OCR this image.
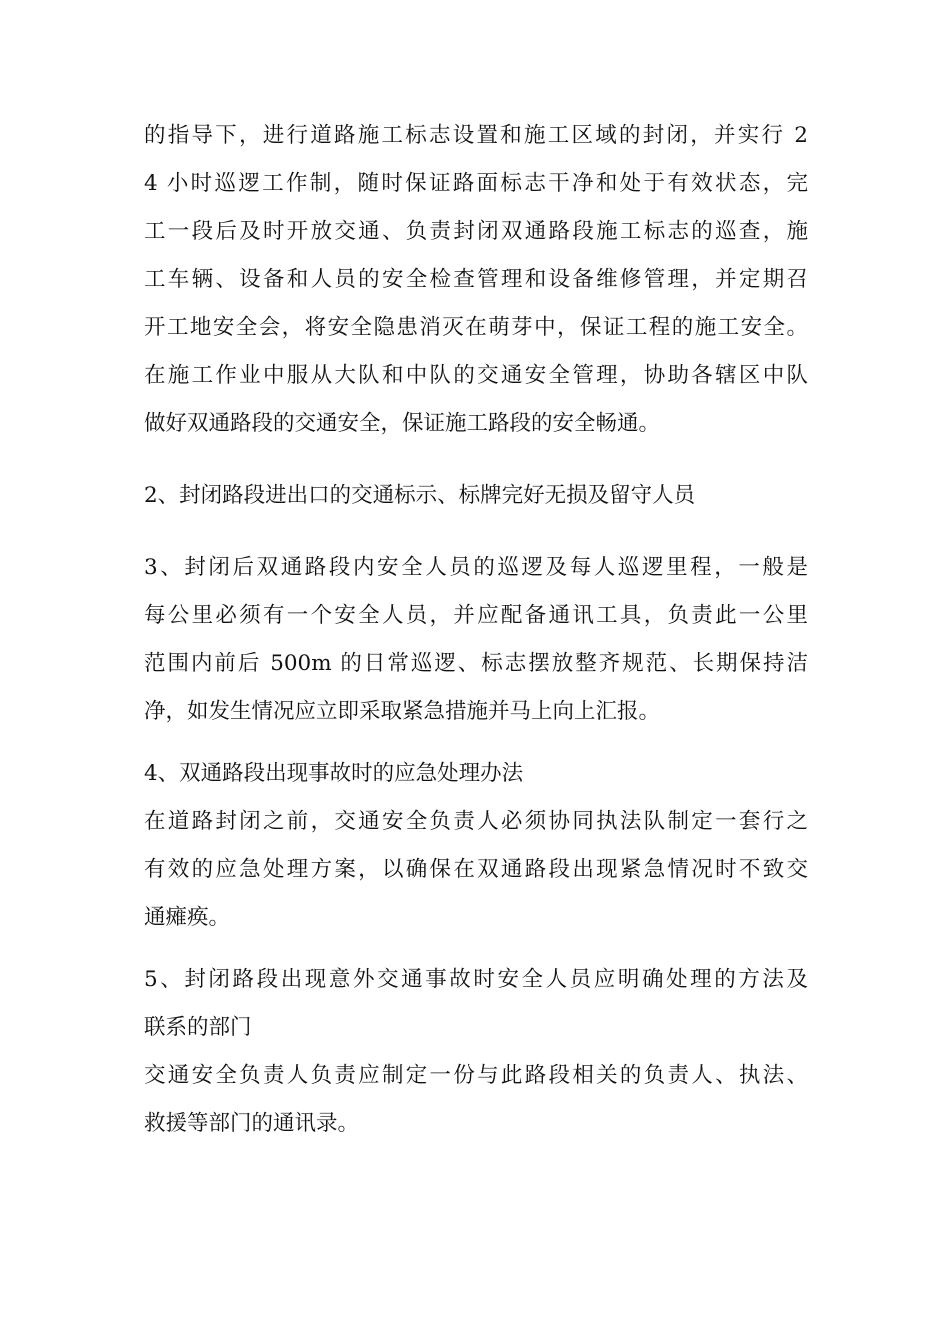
的指导下，进行道路施工标志设置和施工区域的封闭，并实行 2
4 小时巡逻工作制，随时保证路面标志干净和处于有效状态，完
工一段后及时开放交通、负责封闭双通路段施工标志的巡查，施
工车辆、设备和人员的安全检查管理和设备维修管理，并定期召
开工地安全会，将安全隐患消灭在萌芽中，保证工程的施工安全。
在施工作业中服从大队和中队的交通安全管理，协助各辖区中队
做好双通路段的交通安全，保证施工路段的安全畅通。
2、封闭路段进出口的交通标示、标牌完好无损及留守人员
3、封闭后双通路段内安全人员的巡逻及每人巡逻里程，一般是
每公里必须有一个安全人员，并应配备通讯工具，负责此一公里
范围内前后 500m 的日常巡逻、标志摆放整齐规范、长期保持洁
净，如发生情况应立即采取紧急措施并马上向上汇报。
4、双通路段出现事故时的应急处理办法
在道路封闭之前，交通安全负责人必须协同执法队制定一套行之
有效的应急处理方案，以确保在双通路段出现紧急情况时不致交
通瘫痪。
5、封闭路段出现意外交通事故时安全人员应明确处理的方法及
联系的部门
交通安全负责人负责应制定一份与此路段相关的负责人、执法、
救援等部门的通讯录。
